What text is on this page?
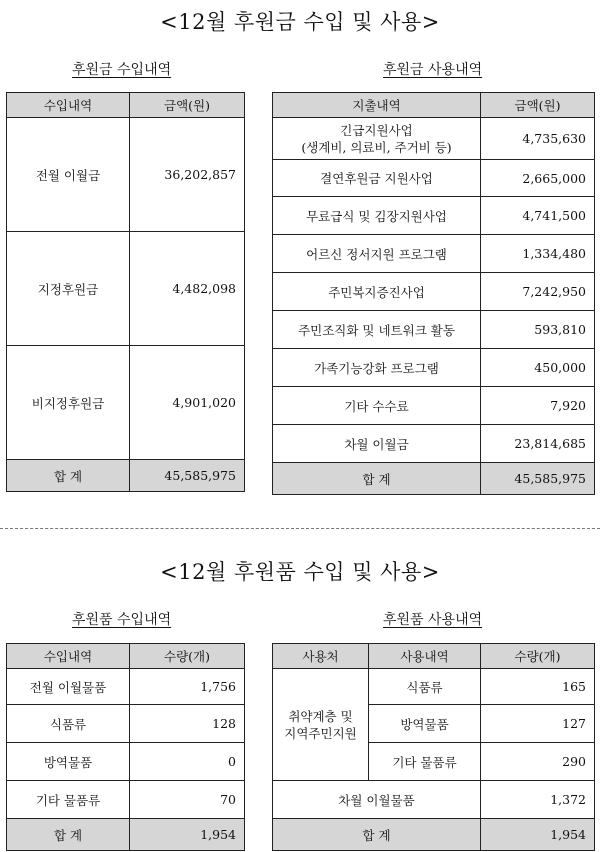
<12월 후원금 수입 및 사용>
후원금 수입내역	후원금 사용내역
수입내역	금액(원)
전월 이월금	36,202,857
지정후원금	4,482,098
비지정후원금	4,901,020
합 계	45,585,975
지출내역	금액(원)

긴급지원사업
(생계비, 의료비, 주거비 등)	4,735,630
결연후원금 지원사업	2,665,000
무료급식 및 김장지원사업	4,741,500
어르신 정서지원 프로그램	1,334,480
주민복지증진사업	7,242,950
주민조직화 및 네트워크 활동	593,810
가족기능강화 프로그램	450,000
기타 수수료	7,920
차월 이월금	23,814,685
합 계	45,585,975
<12월 후원품 수입 및 사용>
후원품 수입내역	후원품 사용내역
수입내역	수량(개)
전월 이월물품	1,756
식품류	128
방역물품	0
기타 물품류	70
합 계	1,954
사용처	사용내역	수량(개)

취약계층 및
지역주민지원	식품류	165
	방역물품	127
	기타 물품류	290
차월 이월물품		1,372
합 계		1,954
